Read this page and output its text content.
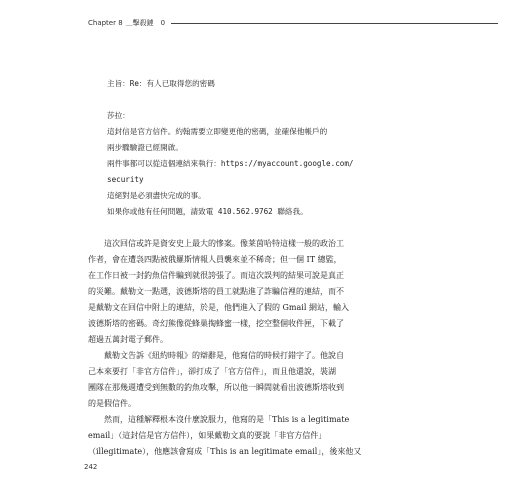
Chapter 8 ＿擊殺鏈　0
主旨：Re：有人已取得您的密碼
莎拉：
這封信是官方信件。約翰需要立即變更他的密碼，並確保他帳戶的
兩步驟驗證已經開啟。
兩件事都可以從這個連結來執行：https://myaccount.google.com/
security
這絕對是必須盡快完成的事。
如果你或他有任何問題，請致電 410.562.9762 聯絡我。
這次回信或許是資安史上最大的慘案。像莱茵哈特這樣一般的政治工
作者，會在遭袅四點被俄羅斯情報人員襲來並不稀奇；但一個 IT 總監，
在工作日被一封釣魚信件騙到就很誇張了。而這次誤判的結果可說是真正
的災難。戴勒文一點選，波德斯塔的員工就點進了詐騙信裡的連結，而不
是戴勒文在回信中附上的連結，於是，他們進入了假的 Gmail 網站，輸入
波德斯塔的密碼。奇幻熊像從蜂巢掏蜂蜜一樣，挖空整個收件匣，下載了
超過五萬封電子郵件。
戴勒文告訴《紐約時報》的辯辭是，他寫信的時候打錯字了。他說自
己本來要打「非官方信件」，卻打成了「官方信件」，而且他還說，裝湖
團隊在那幾週遭受到無數的釣魚攻擊，所以他一瞬間就看出波德斯塔收到
的是假信件。
然而，這種解釋根本沒什麼說服力，他寫的是「This is a legitimate
email」（這封信是官方信件），如果戴勒文真的要說「非官方信件」
（illegitimate），他應該會寫成「This is an legitimate email」，後來他又
242
